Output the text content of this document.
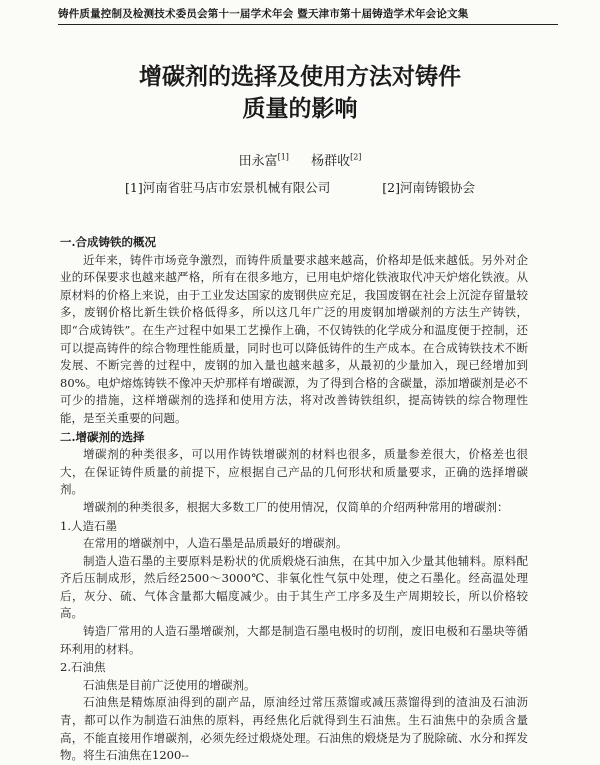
铸件质量控制及检测技术委员会第十一届学术年会 暨天津市第十届铸造学术年会论文集
增碳剂的选择及使用方法对铸件
质量的影响
田永富[1] 杨群收[2]
[1]河南省驻马店市宏景机械有限公司	[2]河南铸锻协会

一.合成铸铁的概况

近年来，铸件市场竞争激烈，而铸件质量要求越来越高，价格却是低来越低。另外对企业的环保要求也越来越严格，所有在很多地方，已用电炉熔化铁液取代冲天炉熔化铁液。从原材料的价格上来说，由于工业发达国家的废钢供应充足，我国废钢在社会上沉淀存留量较多，废钢价格比新生铁价格低得多，所以这几年广泛的用废钢加增碳剂的方法生产铸铁，即“合成铸铁”。在生产过程中如果工艺操作上确，不仅铸铁的化学成分和温度便于控制，还可以提高铸件的综合物理性能质量，同时也可以降低铸件的生产成本。在合成铸铁技术不断发展、不断完善的过程中，废钢的加入量也越来越多，从最初的少量加入，现已经增加到80%。电炉熔炼铸铁不像冲天炉那样有增碳源，为了得到合格的含碳量，添加增碳剂是必不可少的措施，这样增碳剂的选择和使用方法，将对改善铸铁组织，提高铸铁的综合物理性能，是至关重要的问题。

二.增碳剂的选择

增碳剂的种类很多，可以用作铸铁增碳剂的材料也很多，质量参差很大，价格差也很大，在保证铸件质量的前提下，应根据自己产品的几何形状和质量要求，正确的选择增碳剂。

增碳剂的种类很多，根据大多数工厂的使用情况，仅简单的介绍两种常用的增碳剂：

1.人造石墨

在常用的增碳剂中，人造石墨是品质最好的增碳剂。

制造人造石墨的主要原料是粉状的优质煅烧石油焦，在其中加入少量其他辅料。原料配齐后压制成形，然后经2500～3000℃、非氧化性气氛中处理，使之石墨化。经高温处理后，灰分、硫、气体含量都大幅度减少。由于其生产工序多及生产周期较长，所以价格较高。

铸造厂常用的人造石墨增碳剂，大都是制造石墨电极时的切削，废旧电极和石墨块等循环利用的材料。

2.石油焦

石油焦是目前广泛使用的增碳剂。

石油焦是精炼原油得到的副产品，原油经过常压蒸馏或减压蒸馏得到的渣油及石油沥青，都可以作为制造石油焦的原料，再经焦化后就得到生石油焦。生石油焦中的杂质含量高，不能直接用作增碳剂，必须先经过煅烧处理。石油焦的煅烧是为了脱除硫、水分和挥发物。将生石油焦在1200--
